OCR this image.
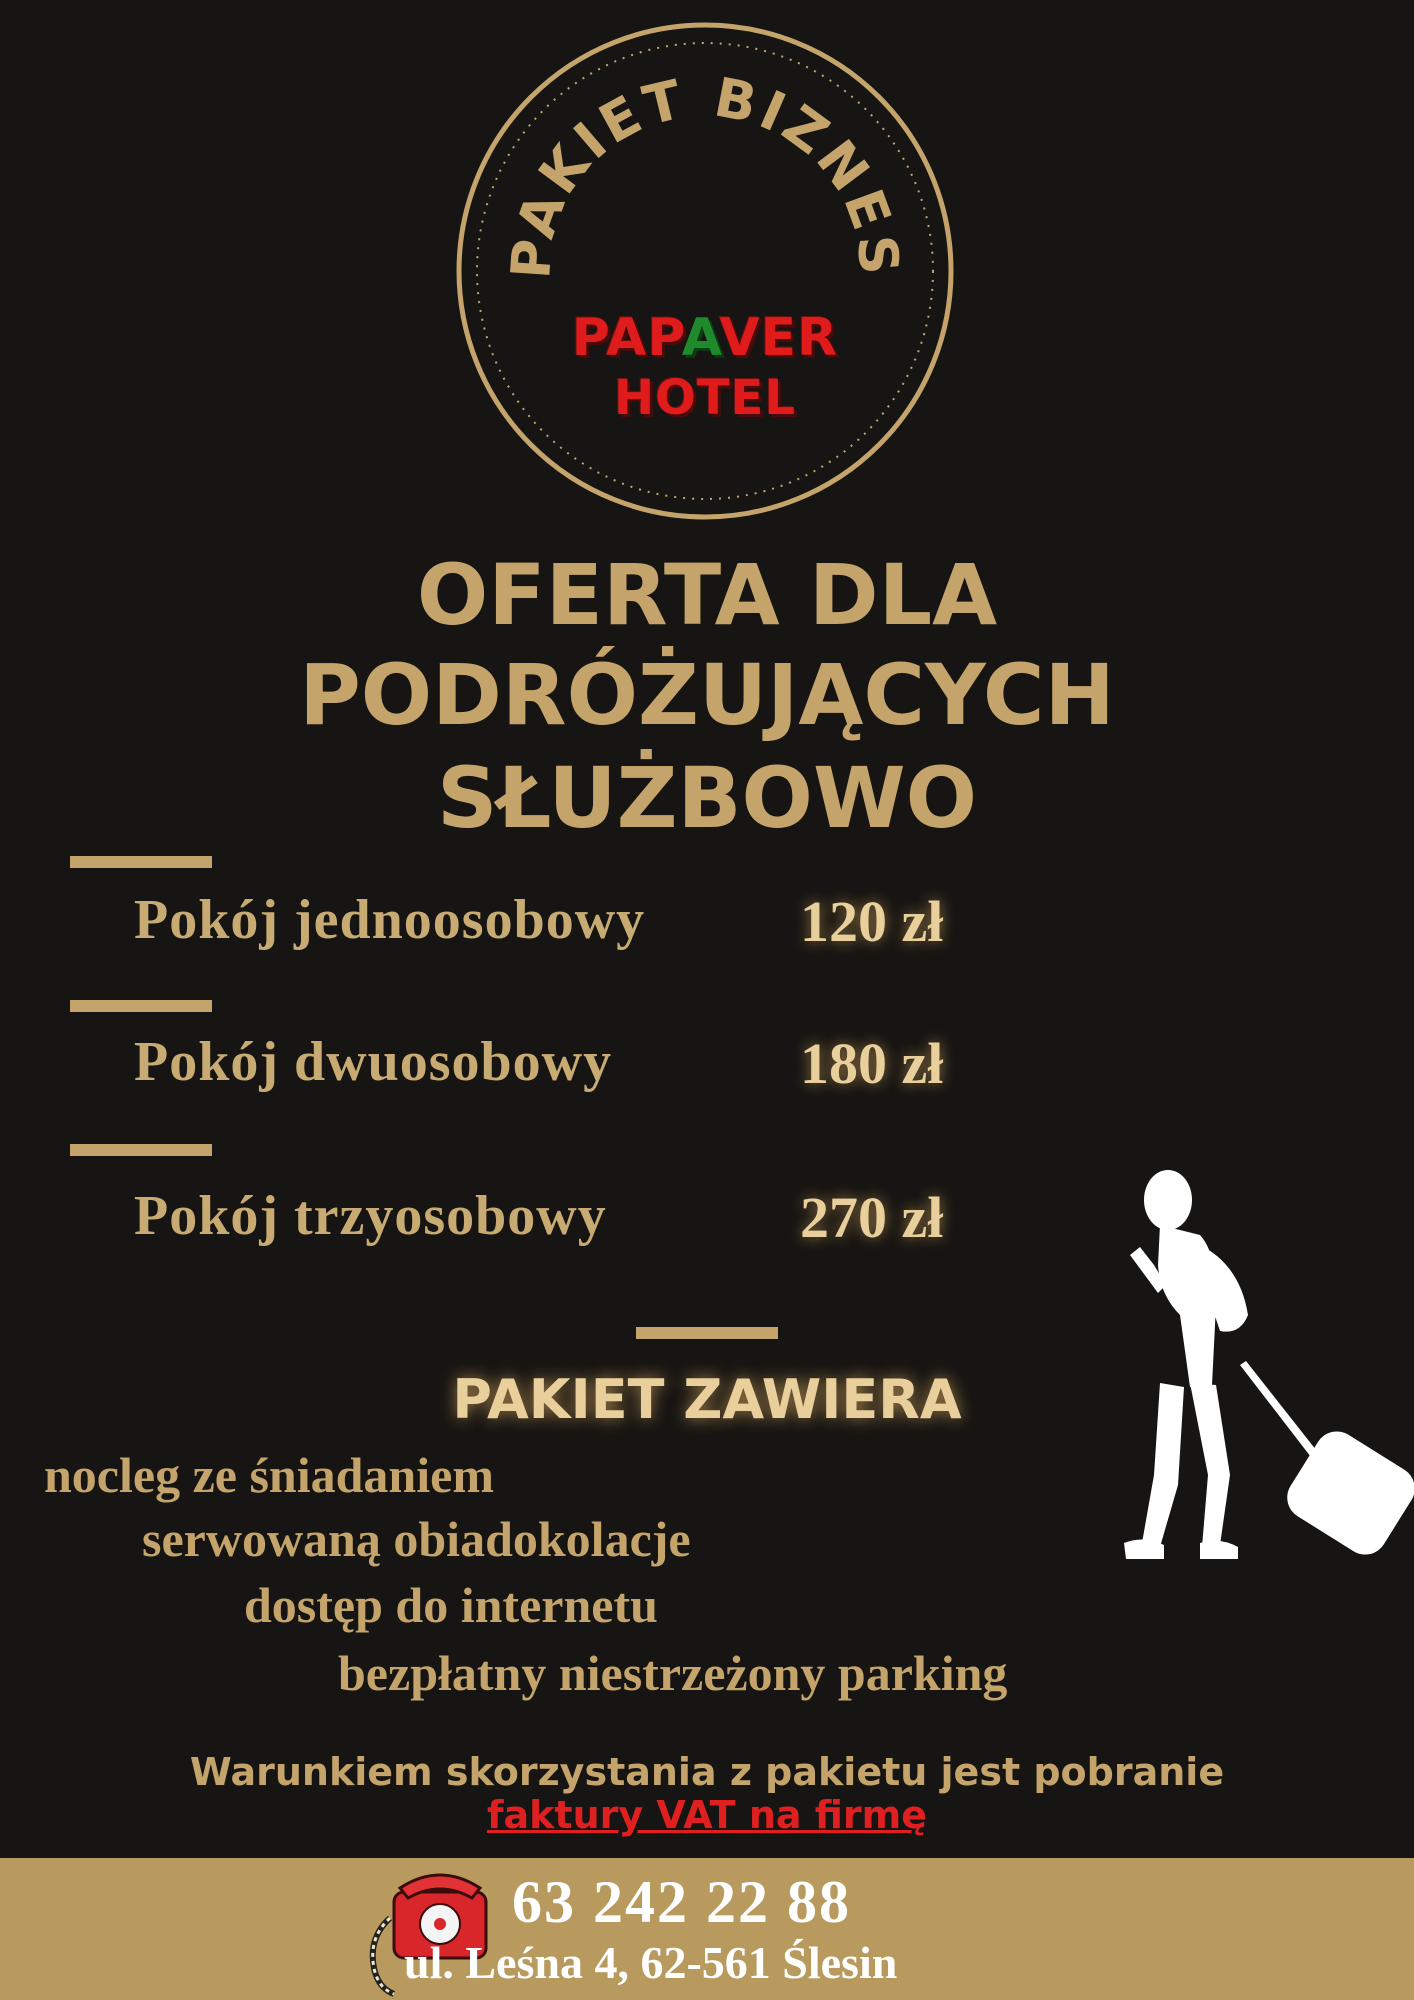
PAKIET BIZNES
PAPAVER
HOTEL
OFERTA DLA
PODRÓŻUJĄCYCH
SŁUŻBOWO
Pokój jednoosobowy	120 zł
Pokój dwuosobowy	180 zł
Pokój trzyosobowy	270 zł
PAKIET ZAWIERA
nocleg ze śniadaniem
serwowaną obiadokolacje
dostęp do internetu
bezpłatny niestrzeżony parking
Warunkiem skorzystania z pakietu jest pobranie
faktury VAT na firmę
63 242 22 88
ul. Leśna 4, 62-561 Ślesin
